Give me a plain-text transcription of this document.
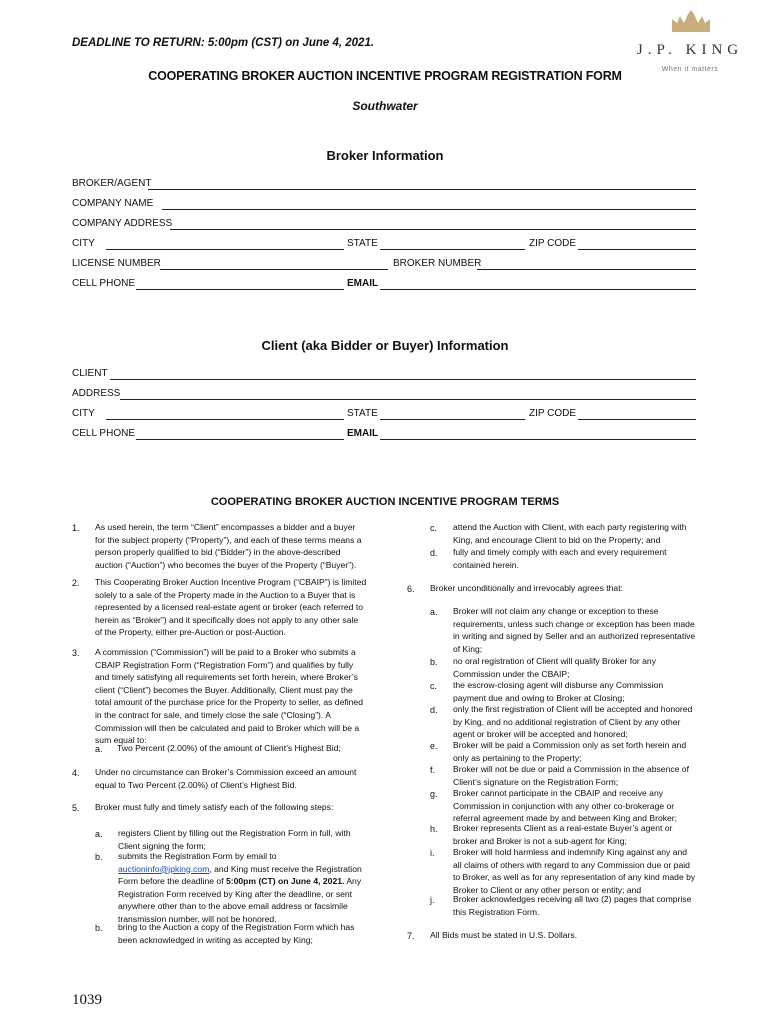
DEADLINE TO RETURN: 5:00pm (CST) on June 4, 2021.	J.P. KING
When it matters
COOPERATING BROKER AUCTION INCENTIVE PROGRAM REGISTRATION FORM
Southwater
Broker Information
BROKER/AGENT
COMPANY NAME
COMPANY ADDRESS
CITY	STATE	ZIP CODE
LICENSE NUMBER	BROKER NUMBER
CELL PHONE	EMAIL
Client (aka Bidder or Buyer) Information
CLIENT
ADDRESS
CITY	STATE	ZIP CODE
CELL PHONE	EMAIL
COOPERATING BROKER AUCTION INCENTIVE PROGRAM TERMS
1. As used herein, the term “Client” encompasses a bidder and a buyer for the subject property (“Property”), and each of these terms means a person properly qualified to bid (“Bidder”) in the above-described auction (“Auction”) who becomes the buyer of the Property (“Buyer”).
2. This Cooperating Broker Auction Incentive Program (“CBAIP”) is limited solely to a sale of the Property made in the Auction to a Buyer that is represented by a licensed real-estate agent or broker (each referred to herein as “Broker”) and it specifically does not apply to any other sale of the Property, either pre-Auction or post-Auction.
3. A commission (“Commission”) will be paid to a Broker who submits a CBAIP Registration Form (“Registration Form”) and qualifies by fully and timely satisfying all requirements set forth herein, where Broker’s client (“Client”) becomes the Buyer. Additionally, Client must pay the total amount of the purchase price for the Property to seller, as defined in the contract for sale, and timely close the sale (“Closing”). A Commission will then be calculated and paid to Broker which will be a sum equal to:
a. Two Percent (2.00%) of the amount of Client’s Highest Bid;
4. Under no circumstance can Broker’s Commission exceed an amount equal to Two Percent (2.00%) of Client’s Highest Bid.
5. Broker must fully and timely satisfy each of the following steps:
a. registers Client by filling out the Registration Form in full, with Client signing the form;
b. submits the Registration Form by email to auctioninfo@jpking.com, and King must receive the Registration Form before the deadline of 5:00pm (CT) on June 4, 2021. Any Registration Form received by King after the deadline, or sent anywhere other than to the above email address or facsimile transmission number, will not be honored.
b. bring to the Auction a copy of the Registration Form which has been acknowledged in writing as accepted by King;
c. attend the Auction with Client, with each party registering with King, and encourage Client to bid on the Property; and
d. fully and timely comply with each and every requirement contained herein.
6. Broker unconditionally and irrevocably agrees that:
a. Broker will not claim any change or exception to these requirements, unless such change or exception has been made in writing and signed by Seller and an authorized representative of King;
b. no oral registration of Client will qualify Broker for any Commission under the CBAIP;
c. the escrow-closing agent will disburse any Commission payment due and owing to Broker at Closing;
d. only the first registration of Client will be accepted and honored by King, and no additional registration of Client by any other agent or broker will be accepted and honored;
e. Broker will be paid a Commission only as set forth herein and only as pertaining to the Property;
f. Broker will not be due or paid a Commission in the absence of Client’s signature on the Registration Form;
g. Broker cannot participate in the CBAIP and receive any Commission in conjunction with any other co-brokerage or referral agreement made by and between King and Broker;
h. Broker represents Client as a real-estate Buyer’s agent or broker and Broker is not a sub-agent for King;
i. Broker will hold harmless and indemnify King against any and all claims of others with regard to any Commission due or paid to Broker, as well as for any representation of any kind made by Broker to Client or any other person or entity; and
j. Broker acknowledges receiving all two (2) pages that comprise this Registration Form.
7. All Bids must be stated in U.S. Dollars.
1039
